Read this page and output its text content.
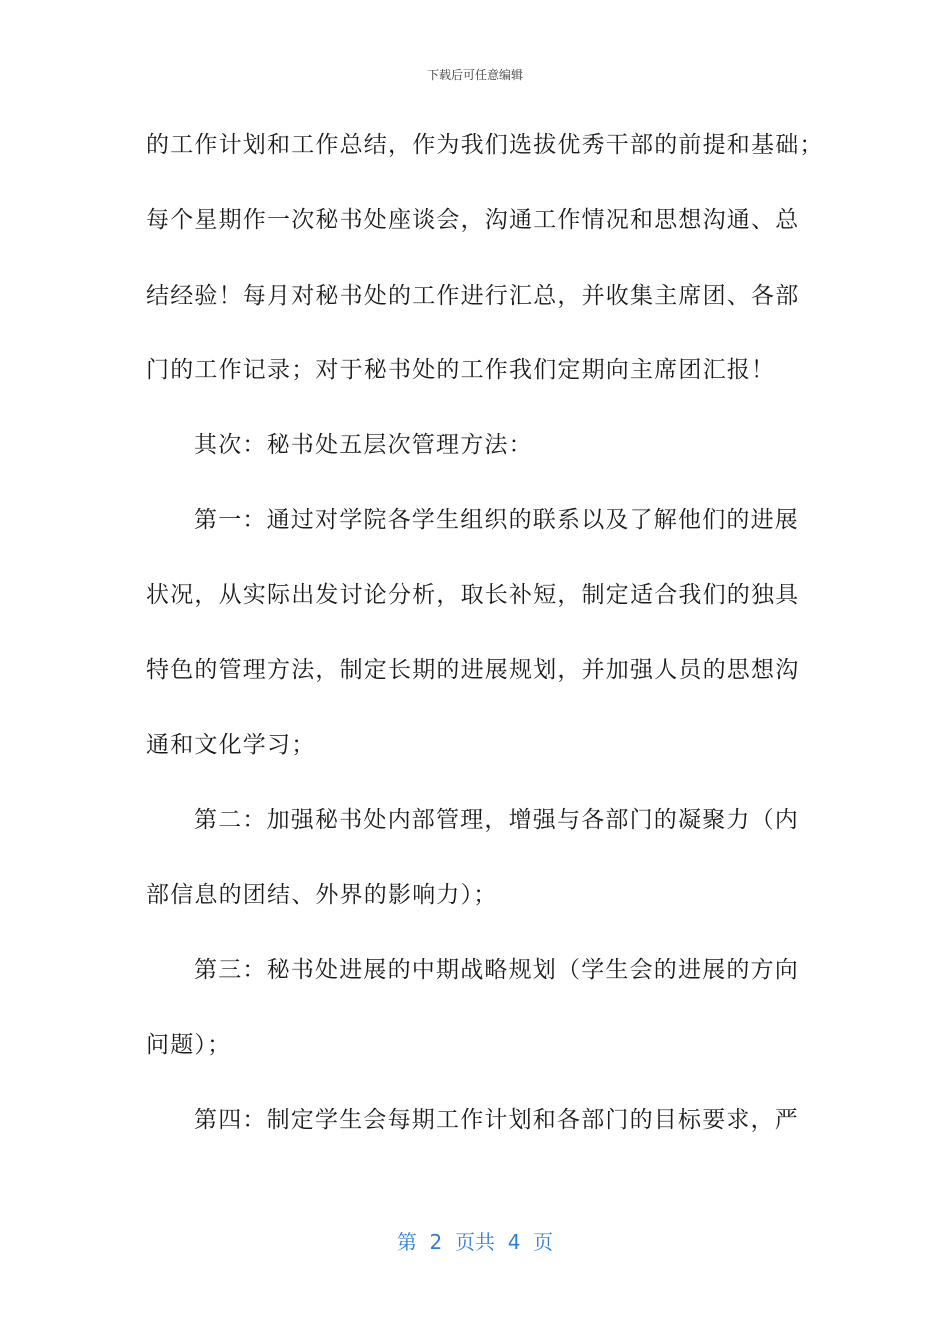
下载后可任意编辑
的工作计划和工作总结，作为我们选拔优秀干部的前提和基础；
每个星期作一次秘书处座谈会，沟通工作情况和思想沟通、总
结经验！每月对秘书处的工作进行汇总，并收集主席团、各部
门的工作记录；对于秘书处的工作我们定期向主席团汇报！
其次：秘书处五层次管理方法：
第一：通过对学院各学生组织的联系以及了解他们的进展
状况，从实际出发讨论分析，取长补短，制定适合我们的独具
特色的管理方法，制定长期的进展规划，并加强人员的思想沟
通和文化学习；
第二：加强秘书处内部管理，增强与各部门的凝聚力（内
部信息的团结、外界的影响力）；
第三：秘书处进展的中期战略规划（学生会的进展的方向
问题）；
第四：制定学生会每期工作计划和各部门的目标要求，严
第  2  页共  4  页
